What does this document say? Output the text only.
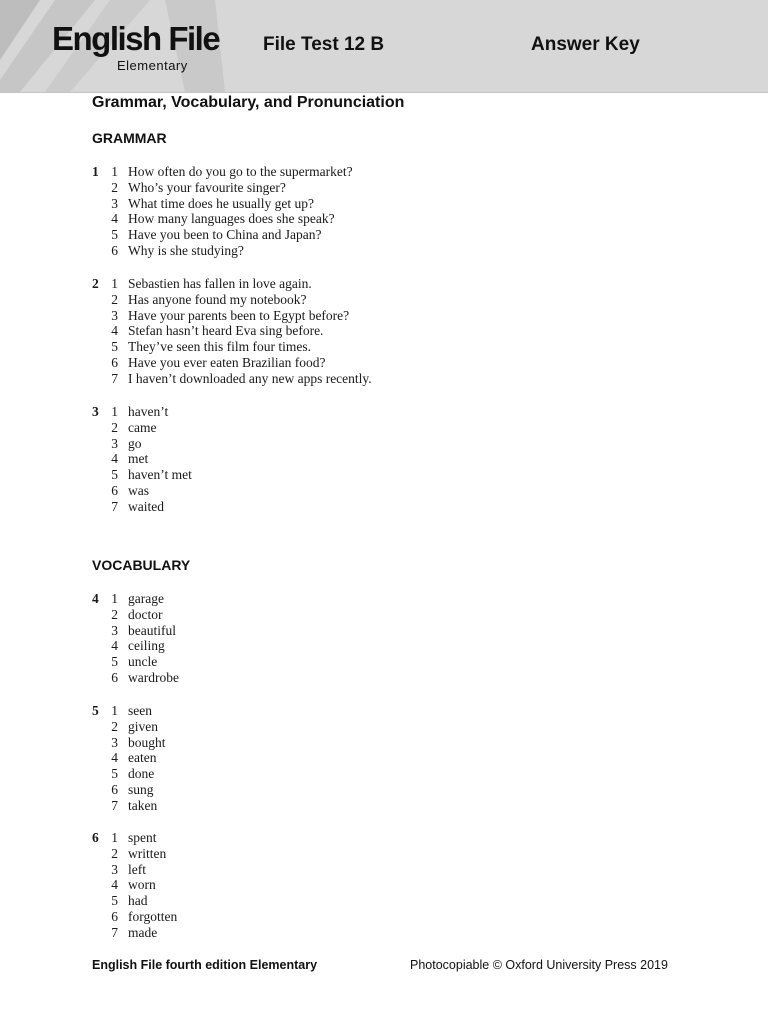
English File
Elementary
File Test 12 B	Answer Key
Grammar, Vocabulary, and Pronunciation
GRAMMAR
1 1 How often do you go to the supermarket?
2 Who’s your favourite singer?
3 What time does he usually get up?
4 How many languages does she speak?
5 Have you been to China and Japan?
6 Why is she studying?
2 1 Sebastien has fallen in love again.
2 Has anyone found my notebook?
3 Have your parents been to Egypt before?
4 Stefan hasn’t heard Eva sing before.
5 They’ve seen this film four times.
6 Have you ever eaten Brazilian food?
7 I haven’t downloaded any new apps recently.
3 1 haven’t
2 came
3 go
4 met
5 haven’t met
6 was
7 waited
VOCABULARY
4 1 garage
2 doctor
3 beautiful
4 ceiling
5 uncle
6 wardrobe
5 1 seen
2 given
3 bought
4 eaten
5 done
6 sung
7 taken
6 1 spent
2 written
3 left
4 worn
5 had
6 forgotten
7 made
English File fourth edition Elementary	Photocopiable © Oxford University Press 2019
